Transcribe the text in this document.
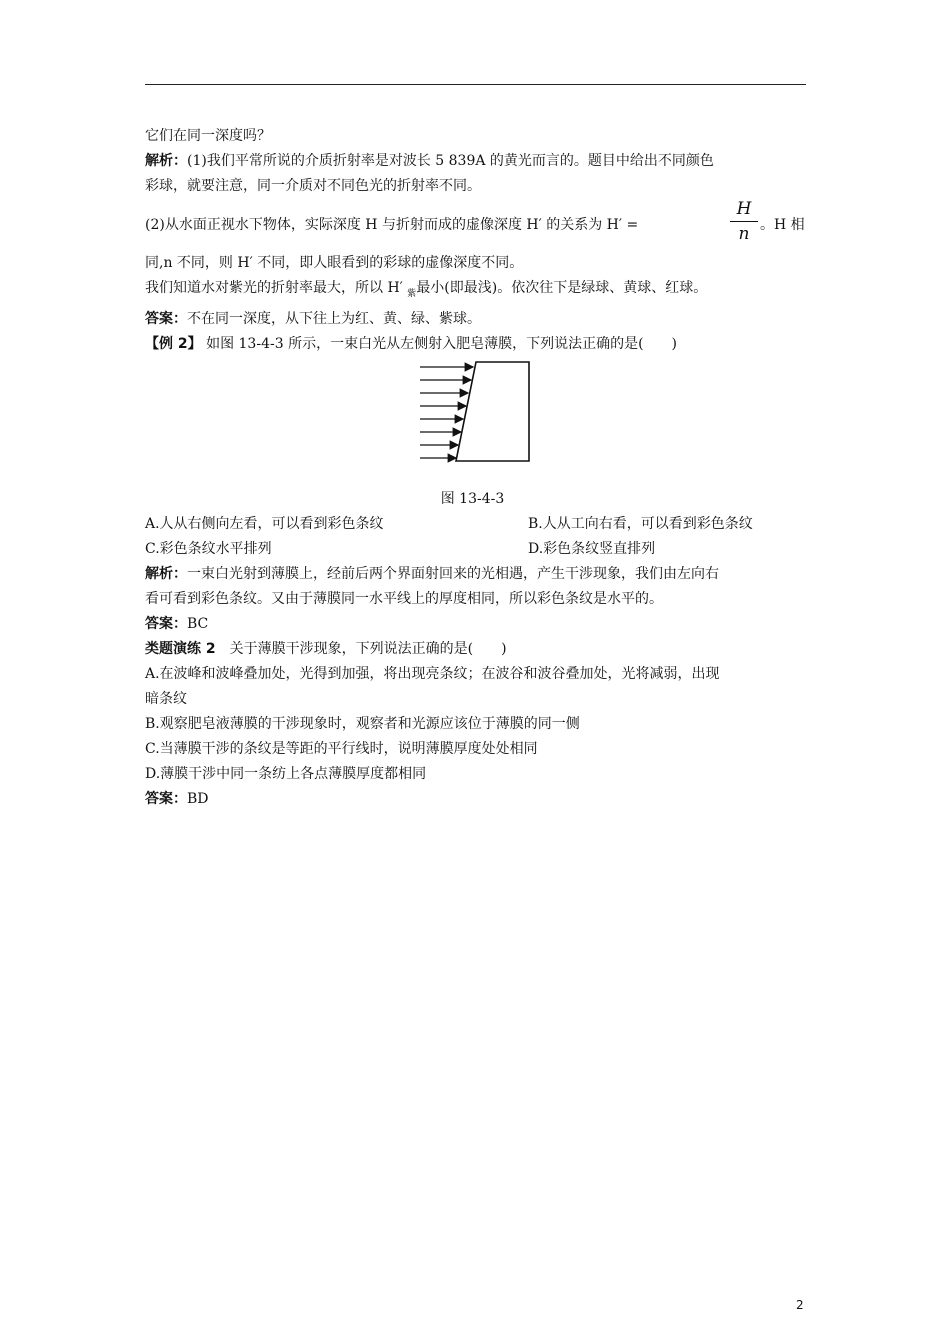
它们在同一深度吗？
解析：(1)我们平常所说的介质折射率是对波长 5 839A 的黄光而言的。题目中给出不同颜色
彩球，就要注意，同一介质对不同色光的折射率不同。
(2)从水面正视水下物体，实际深度 H 与折射而成的虚像深度 H′ 的关系为 H′ =
H
n 。H 相
同,n 不同，则 H′ 不同，即人眼看到的彩球的虚像深度不同。
我们知道水对紫光的折射率最大，所以 H′ $_紫$最小(即最浅)。依次往下是绿球、黄球、红球。
答案：不在同一深度，从下往上为红、黄、绿、紫球。
【例 2】 如图 13-4-3 所示，一束白光从左侧射入肥皂薄膜，下列说法正确的是(　　)
图 13-4-3
A.人从右侧向左看，可以看到彩色条纹	B.人从工向右看，可以看到彩色条纹
C.彩色条纹水平排列	D.彩色条纹竖直排列
解析：一束白光射到薄膜上，经前后两个界面射回来的光相遇，产生干涉现象，我们由左向右
看可看到彩色条纹。又由于薄膜同一水平线上的厚度相同，所以彩色条纹是水平的。
答案：BC
类题演练 2　关于薄膜干涉现象，下列说法正确的是(　　)
A.在波峰和波峰叠加处，光得到加强，将出现亮条纹；在波谷和波谷叠加处，光将减弱，出现
暗条纹
B.观察肥皂液薄膜的干涉现象时，观察者和光源应该位于薄膜的同一侧
C.当薄膜干涉的条纹是等距的平行线时，说明薄膜厚度处处相同
D.薄膜干涉中同一条纺上各点薄膜厚度都相同
答案：BD
2
